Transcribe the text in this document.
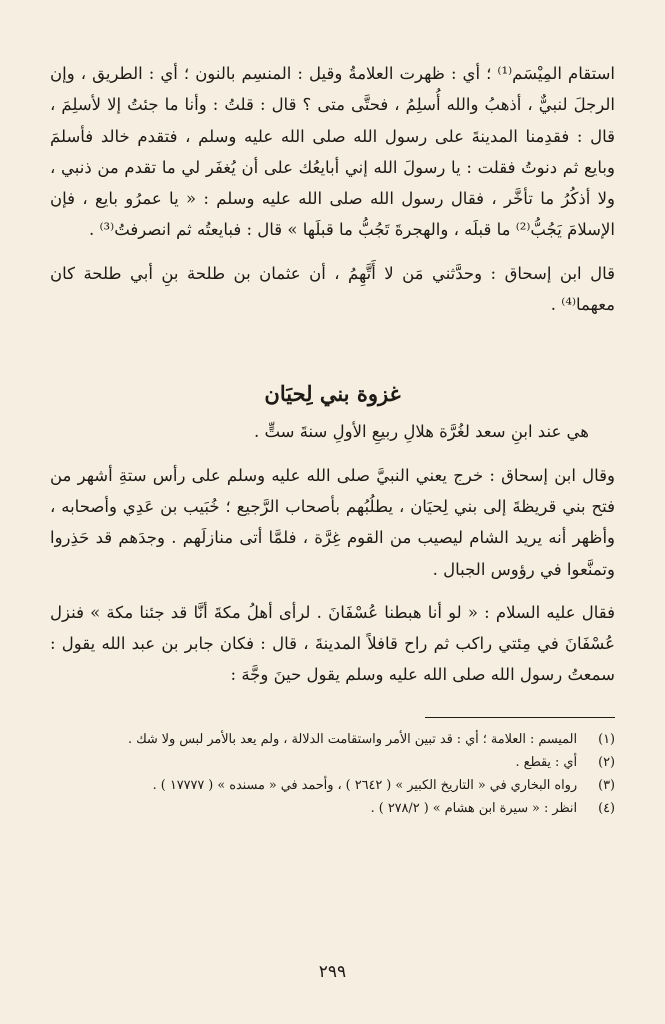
استقام المِيْسَم⁽¹⁾ ؛ أي : ظهرت العلامةُ وقيل : المنسِم بالنون ؛ أي : الطريق ، وإن الرجلَ لنبيٌّ ، أذهبُ والله أُسلِمُ ، فحتَّى متى ؟ قال : قلتُ : وأنا ما جئتُ إلا لأسلِمَ ، قال : فقدِمنا المدينةَ على رسول الله صلى الله عليه وسلم ، فتقدم خالد فأسلمَ وبايع ثم دنوتُ فقلت : يا رسولَ الله إني أبايعُك على أن يُغفَر لي ما تقدم من ذنبي ، ولا أذكُرُ ما تأخَّر ، فقال رسول الله صلى الله عليه وسلم : « يا عمرُو بايع ، فإن الإسلامَ يَجُبُّ⁽²⁾ ما قبلَه ، والهجرةَ تَجُبُّ ما قبلَها » قال : فبايعتُه ثم انصرفتُ⁽³⁾ .

قال ابن إسحاق : وحدَّثني مَن لا أَتَّهِمُ ، أن عثمان بن طلحة بنِ أبي طلحة كان معهما⁽⁴⁾ .

غزوة بني لِحيَان

هي عند ابنِ سعد لغُرَّة هلالِ ربيعِ الأولِ سنةَ ستٍّ .

وقال ابن إسحاق : خرج يعني النبيَّ صلى الله عليه وسلم على رأس ستةِ أشهر من فتح بني قريظةَ إلى بني لِحيَان ، يطلُبُهم بأصحاب الرَّجيع ؛ خُبَيب بن عَدِي وأصحابه ، وأظهر أنه يريد الشام ليصيب من القوم غِرَّة ، فلمَّا أتى منازلَهم . وجدَهم قد حَذِروا وتمنَّعوا في رؤوس الجبال .

فقال عليه السلام : « لو أنا هبطنا عُسْفَانَ . لرأى أهلُ مكةَ أنَّا قد جئنا مكة » فنزل عُسْفَانَ في مِئتي راكب ثم راح قافلاً المدينةَ ، قال : فكان جابر بن عبد الله يقول : سمعتُ رسول الله صلى الله عليه وسلم يقول حينَ وجَّهَ :

(١)
الميسم : العلامة ؛ أي : قد تبين الأمر واستقامت الدلالة ، ولم يعد بالأمر لبس ولا شك .
(٢)
أي : يقطع .
(٣)
رواه البخاري في « التاريخ الكبير » ( ٢٦٤٢ ) ، وأحمد في « مسنده » ( ١٧٧٧٧ ) .
(٤)
انظر : « سيرة ابن هشام » ( ٢٧٨/٢ ) .
٢٩٩
